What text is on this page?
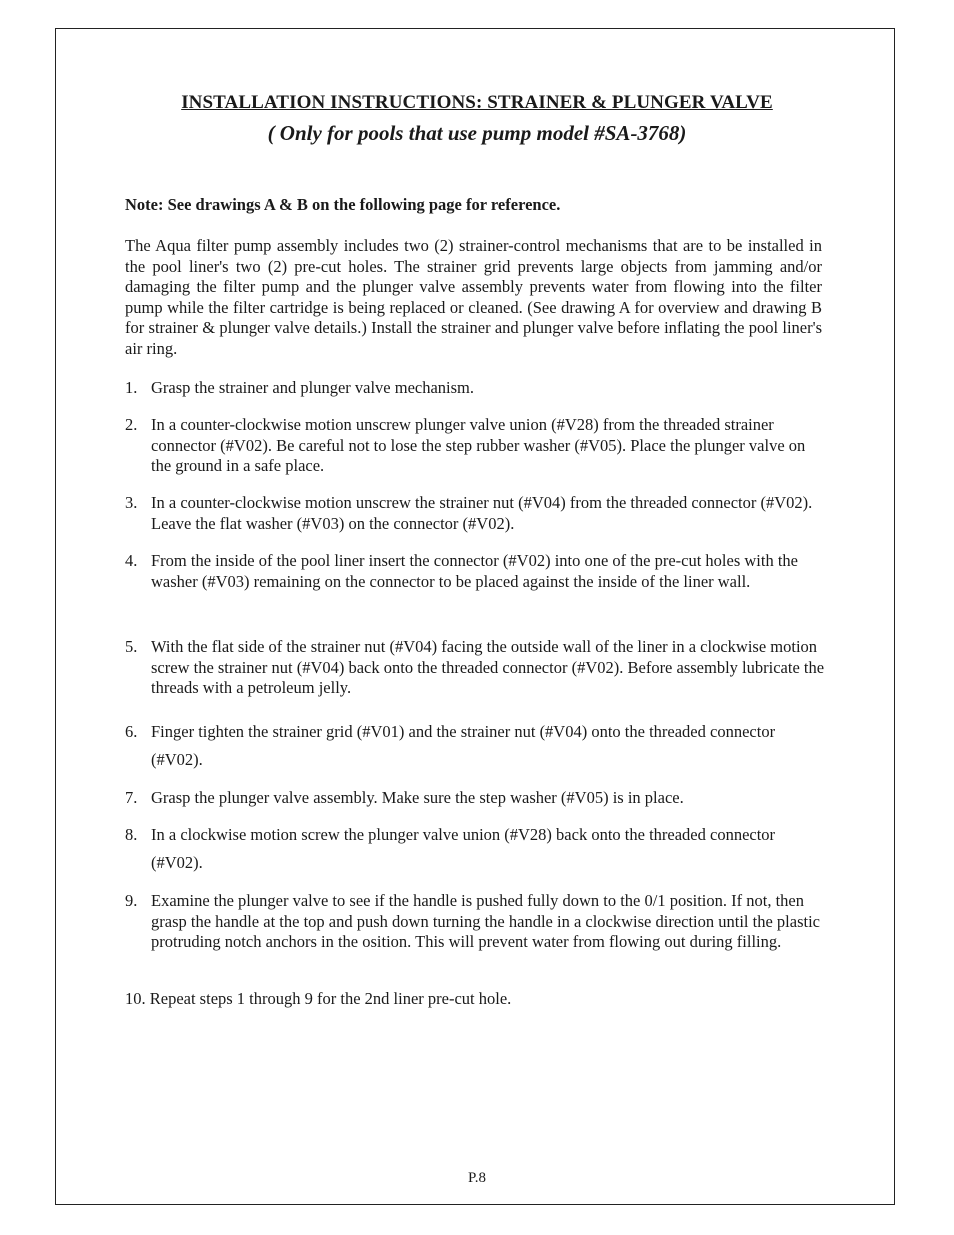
INSTALLATION INSTRUCTIONS: STRAINER & PLUNGER VALVE
( Only for pools that use pump model #SA-3768)
Note: See drawings A & B on the following page for reference.
The Aqua filter pump assembly includes two (2) strainer-control mechanisms that are to be installed in the pool liner's two (2) pre-cut holes. The strainer grid prevents large objects from jamming and/or damaging the filter pump and the plunger valve assembly prevents water from flowing into the filter pump while the filter cartridge is being replaced or cleaned. (See drawing A for overview and drawing B for strainer & plunger valve details.) Install the strainer and plunger valve before inflating the pool liner's air ring.
1. Grasp the strainer and plunger valve mechanism.
2. In a counter-clockwise motion unscrew plunger valve union (#V28) from the threaded strainer connector (#V02). Be careful not to lose the step rubber washer (#V05). Place the plunger valve on the ground in a safe place.
3. In a counter-clockwise motion unscrew the strainer nut (#V04) from the threaded connector (#V02). Leave the flat washer (#V03) on the connector (#V02).
4. From the inside of the pool liner insert the connector (#V02) into one of the pre-cut holes with the washer (#V03) remaining on the connector to be placed against the inside of the liner wall.
5. With the flat side of the strainer nut (#V04) facing the outside wall of the liner in a clockwise motion screw the strainer nut (#V04) back onto the threaded connector (#V02). Before assembly lubricate the threads with a petroleum jelly.
6. Finger tighten the strainer grid (#V01) and the strainer nut (#V04) onto the threaded connector (#V02).
7. Grasp the plunger valve assembly. Make sure the step washer (#V05) is in place.
8. In a clockwise motion screw the plunger valve union (#V28) back onto the threaded connector (#V02).
9. Examine the plunger valve to see if the handle is pushed fully down to the 0/1 position. If not, then grasp the handle at the top and push down turning the handle in a clockwise direction until the plastic protruding notch anchors in the osition. This will prevent water from flowing out during filling.
10. Repeat steps 1 through 9 for the 2nd liner pre-cut hole.
P.8
